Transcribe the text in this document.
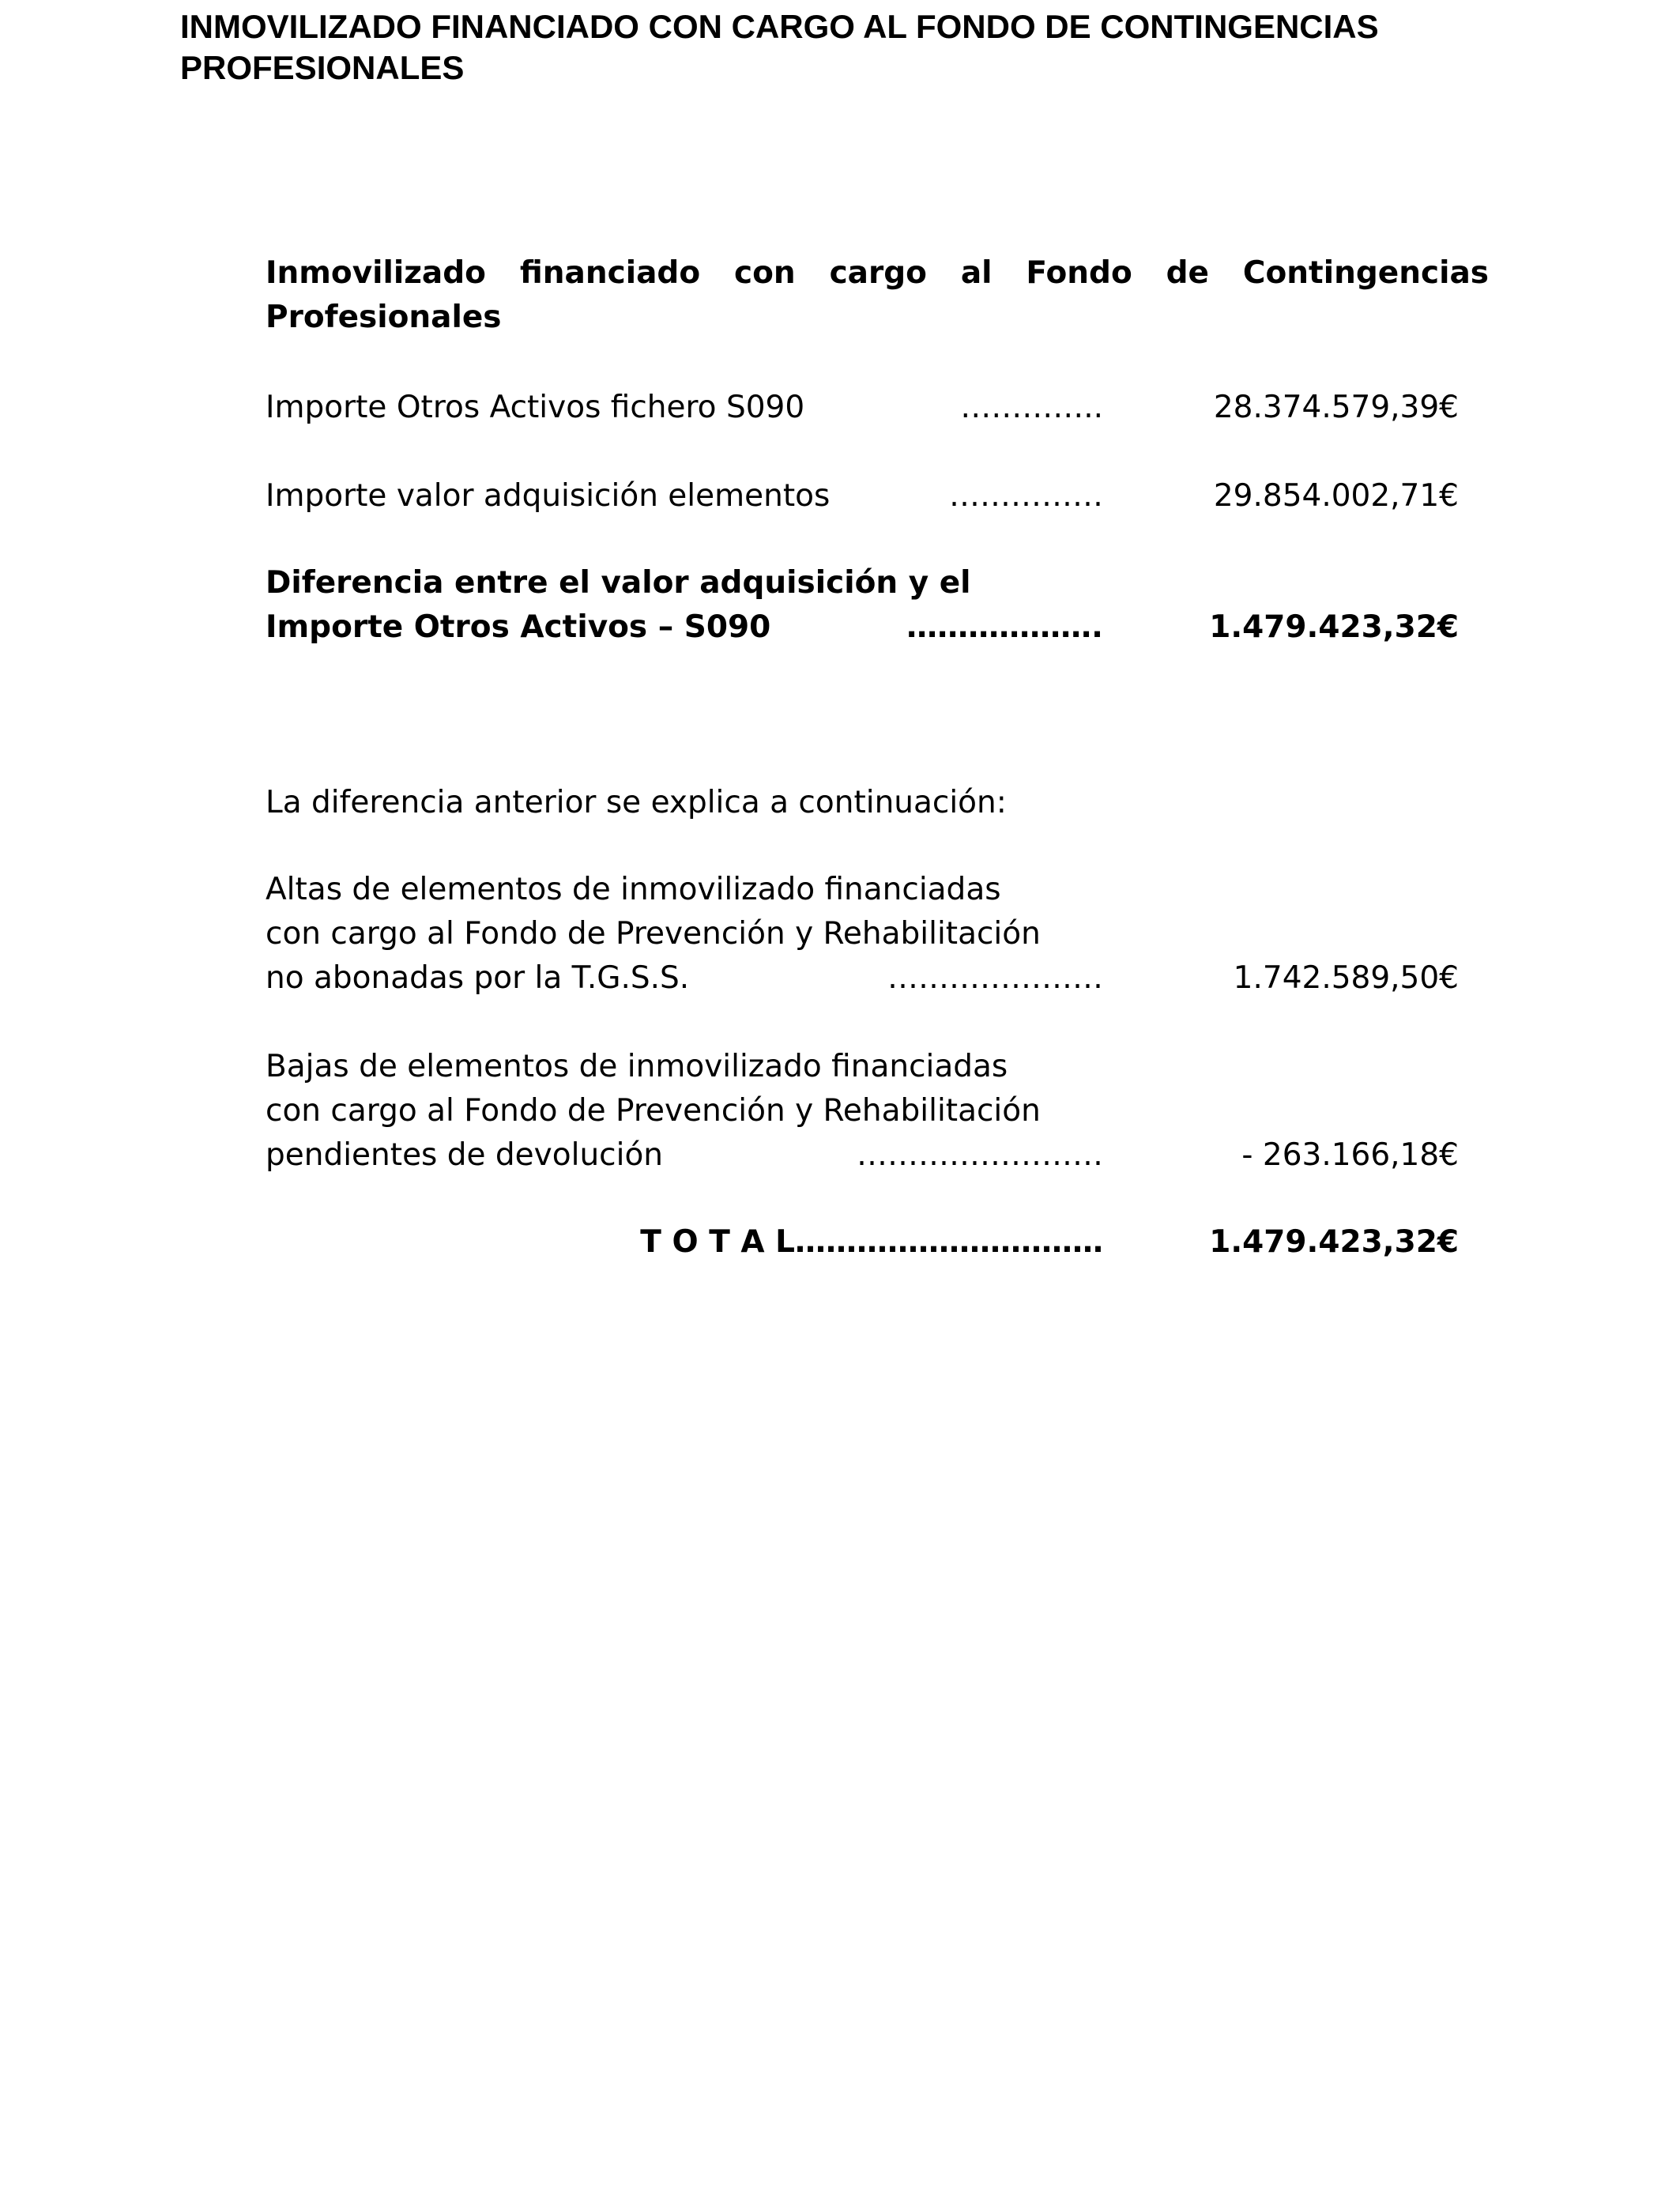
INMOVILIZADO FINANCIADO CON CARGO AL FONDO DE CONTINGENCIAS PROFESIONALES
Inmovilizado financiado con cargo al Fondo de Contingencias Profesionales

Importe Otros Activos fichero S090	…………..	28.374.579,39€

Importe valor adquisición elementos	……………	29.854.002,71€

Diferencia entre el valor adquisición y el

Importe Otros Activos – S090	……………….	1.479.423,32€

La diferencia anterior se explica a continuación:

Altas de elementos de inmovilizado financiadas

con cargo al Fondo de Prevención y Rehabilitación

no abonadas por la T.G.S.S.	…………………	1.742.589,50€

Bajas de elementos de inmovilizado financiadas

con cargo al Fondo de Prevención y Rehabilitación

pendientes de devolución	……………………	- 263.166,18€

T O T A L…………………………	1.479.423,32€
